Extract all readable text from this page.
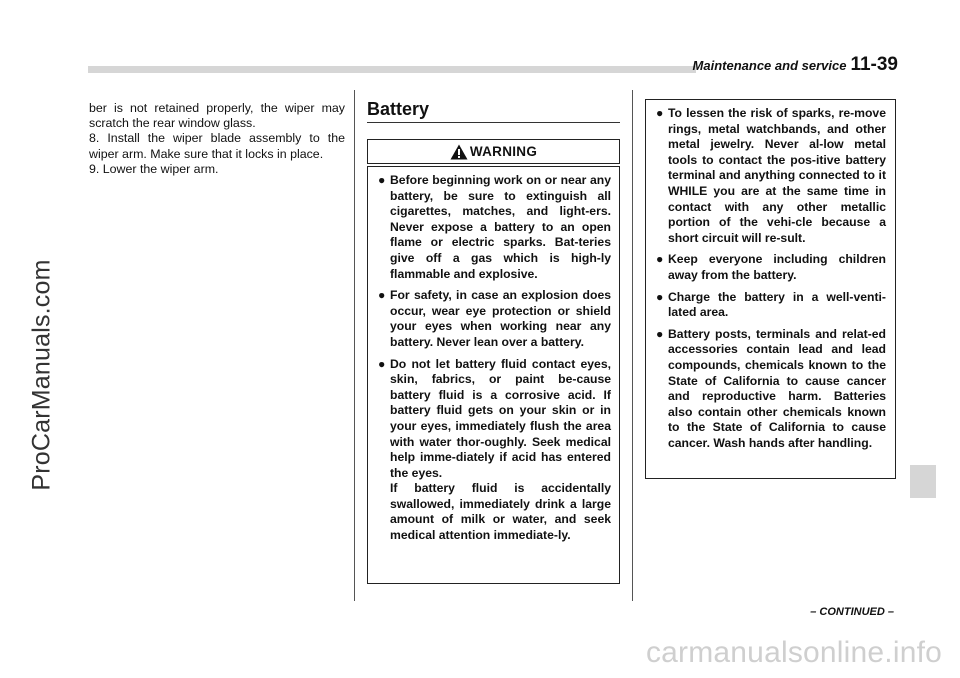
ProCarManuals.com
Maintenance and service 11-39

ber is not retained properly, the wiper may scratch the rear window glass.

8. Install the wiper blade assembly to the wiper arm. Make sure that it locks in place.

9. Lower the wiper arm.

Battery
WARNING
● Before beginning work on or near any battery, be sure to extinguish all cigarettes, matches, and light-ers. Never expose a battery to an open flame or electric sparks. Bat-teries give off a gas which is high-ly flammable and explosive.
● For safety, in case an explosion does occur, wear eye protection or shield your eyes when working near any battery. Never lean over a battery.
● Do not let battery fluid contact eyes, skin, fabrics, or paint be-cause battery fluid is a corrosive acid. If battery fluid gets on your skin or in your eyes, immediately flush the area with water thor-oughly. Seek medical help imme-diately if acid has entered the eyes.
If battery fluid is accidentally swallowed, immediately drink a large amount of milk or water, and seek medical attention immediate-ly.
● To lessen the risk of sparks, re-move rings, metal watchbands, and other metal jewelry. Never al-low metal tools to contact the pos-itive battery terminal and anything connected to it WHILE you are at the same time in contact with any other metallic portion of the vehi-cle because a short circuit will re-sult.
● Keep everyone including children away from the battery.
● Charge the battery in a well-venti-lated area.
● Battery posts, terminals and relat-ed accessories contain lead and lead compounds, chemicals known to the State of California to cause cancer and reproductive harm. Batteries also contain other chemicals known to the State of California to cause cancer. Wash hands after handling.
– CONTINUED –
carmanualsonline.info
